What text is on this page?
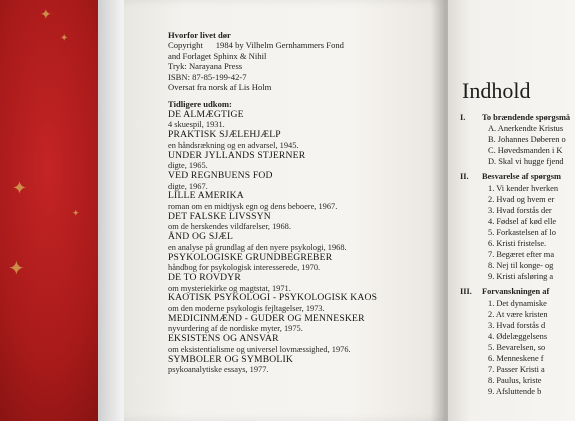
✦
✦
✦
✦
✦
Hvorfor livet dør
Copyright      1984 by Vilhelm Gernhammers Fond
and Forlaget Sphinx & Nihil
Tryk: Narayana Press
ISBN: 87-85-199-42-7
Oversat fra norsk af Lis Holm
Tidligere udkom:
DE ALMÆGTIGE
4 skuespil, 1931.
PRAKTISK SJÆLEHJÆLP
en håndsrækning og en advarsel, 1945.
UNDER JYLLANDS STJERNER
digte, 1965.
VED REGNBUENS FOD
digte, 1967.
LILLE AMERIKA
roman om en midtjysk egn og dens beboere, 1967.
DET FALSKE LIVSSYN
om de herskendes vildfarelser, 1968.
ÅND OG SJÆL
en analyse på grundlag af den nyere psykologi, 1968.
PSYKOLOGISKE GRUNDBEGREBER
håndbog for psykologisk interesserede, 1970.
DE TO ROVDYR
om mysteriekirke og magtstat, 1971.
KAOTISK PSYKOLOGI - PSYKOLOGISK KAOS
om den moderne psykologis fejltagelser, 1973.
MEDICINMÆND - GUDER OG MENNESKER
nyvurdering af de nordiske myter, 1975.
EKSISTENS OG ANSVAR
om eksistentialisme og universel lovmæssighed, 1976.
SYMBOLER OG SYMBOLIK
psykoanalytiske essays, 1977.
Indhold
I.	To brændende spørgsmå
A. Anerkendte Kristus
B. Johannes Døberen o
C. Høvedsmanden i K
D. Skal vi hugge fjend
II.	Besvarelse af spørgsm
1. Vi kender hverken
2. Hvad og hvem er
3. Hvad forstås der
4. Fødsel af kød elle
5. Forkastelsen af lo
6. Kristi fristelse.
7. Begæret efter ma
8. Nej til konge- og
9. Kristi afsløring a
III.	Forvanskningen af
1. Det dynamiske
2. At være kristen
3. Hvad forstås d
4. Ødelæggelsens
5. Bevarelsen, so
6. Menneskene f
7. Passer Kristi a
8. Paulus, kriste
9. Afsluttende b
